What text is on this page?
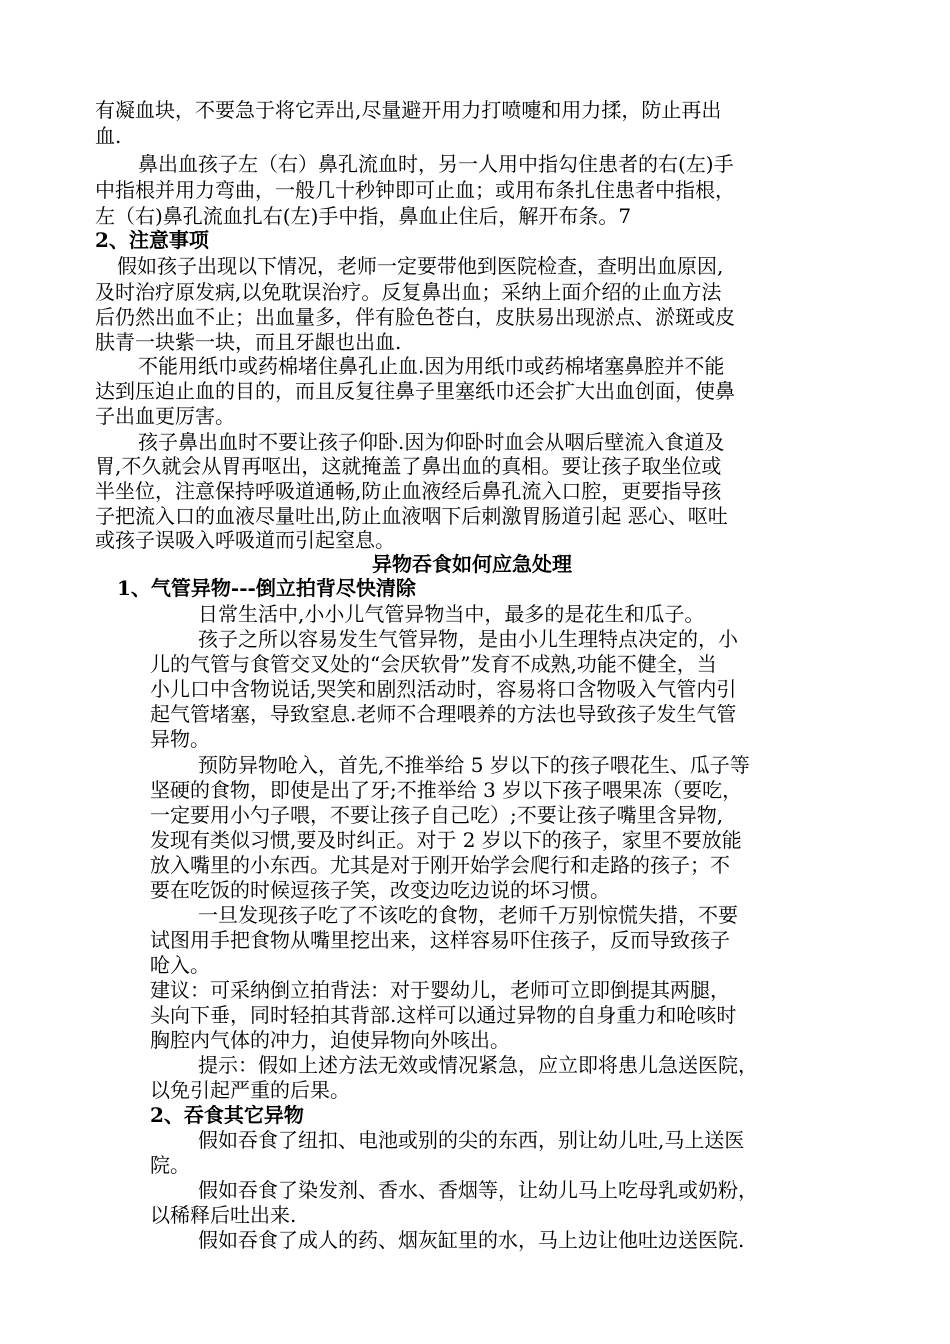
有凝血块，不要急于将它弄出,尽量避开用力打喷嚏和用力揉，防止再出
血.
鼻出血孩子左（右）鼻孔流血时，另一人用中指勾住患者的右(左)手
中指根并用力弯曲，一般几十秒钟即可止血；或用布条扎住患者中指根，
左（右)鼻孔流血扎右(左)手中指，鼻血止住后，解开布条。7
2、注意事项
假如孩子出现以下情况，老师一定要带他到医院检查，查明出血原因,
及时治疗原发病,以免耽误治疗。反复鼻出血；采纳上面介绍的止血方法
后仍然出血不止；出血量多，伴有脸色苍白，皮肤易出现淤点、淤斑或皮
肤青一块紫一块，而且牙龈也出血.
不能用纸巾或药棉堵住鼻孔止血.因为用纸巾或药棉堵塞鼻腔并不能
达到压迫止血的目的，而且反复往鼻子里塞纸巾还会扩大出血创面，使鼻
子出血更厉害。
孩子鼻出血时不要让孩子仰卧.因为仰卧时血会从咽后壁流入食道及
胃,不久就会从胃再呕出，这就掩盖了鼻出血的真相。要让孩子取坐位或
半坐位，注意保持呼吸道通畅,防止血液经后鼻孔流入口腔，更要指导孩
子把流入口的血液尽量吐出,防止血液咽下后刺激胃肠道引起 恶心、呕吐
或孩子误吸入呼吸道而引起窒息。
异物吞食如何应急处理
1、气管异物---倒立拍背尽快清除
日常生活中,小小儿气管异物当中，最多的是花生和瓜子。
孩子之所以容易发生气管异物，是由小儿生理特点决定的，小
儿的气管与食管交叉处的“会厌软骨”发育不成熟,功能不健全，当
小儿口中含物说话,哭笑和剧烈活动时，容易将口含物吸入气管内引
起气管堵塞，导致窒息.老师不合理喂养的方法也导致孩子发生气管
异物。
预防异物呛入，首先,不推举给 5 岁以下的孩子喂花生、瓜子等
坚硬的食物，即使是出了牙;不推举给 3 岁以下孩子喂果冻（要吃，
一定要用小勺子喂，不要让孩子自己吃）;不要让孩子嘴里含异物,
发现有类似习惯,要及时纠正。对于 2 岁以下的孩子，家里不要放能
放入嘴里的小东西。尤其是对于刚开始学会爬行和走路的孩子；不
要在吃饭的时候逗孩子笑，改变边吃边说的坏习惯。
一旦发现孩子吃了不该吃的食物，老师千万别惊慌失措，不要
试图用手把食物从嘴里挖出来，这样容易吓住孩子，反而导致孩子
呛入。
建议：可采纳倒立拍背法：对于婴幼儿，老师可立即倒提其两腿，
头向下垂，同时轻拍其背部.这样可以通过异物的自身重力和呛咳时
胸腔内气体的冲力，迫使异物向外咳出。
提示：假如上述方法无效或情况紧急，应立即将患儿急送医院，
以免引起严重的后果。
2、吞食其它异物
假如吞食了纽扣、电池或别的尖的东西，别让幼儿吐,马上送医
院。
假如吞食了染发剂、香水、香烟等，让幼儿马上吃母乳或奶粉，
以稀释后吐出来.
假如吞食了成人的药、烟灰缸里的水，马上边让他吐边送医院.
